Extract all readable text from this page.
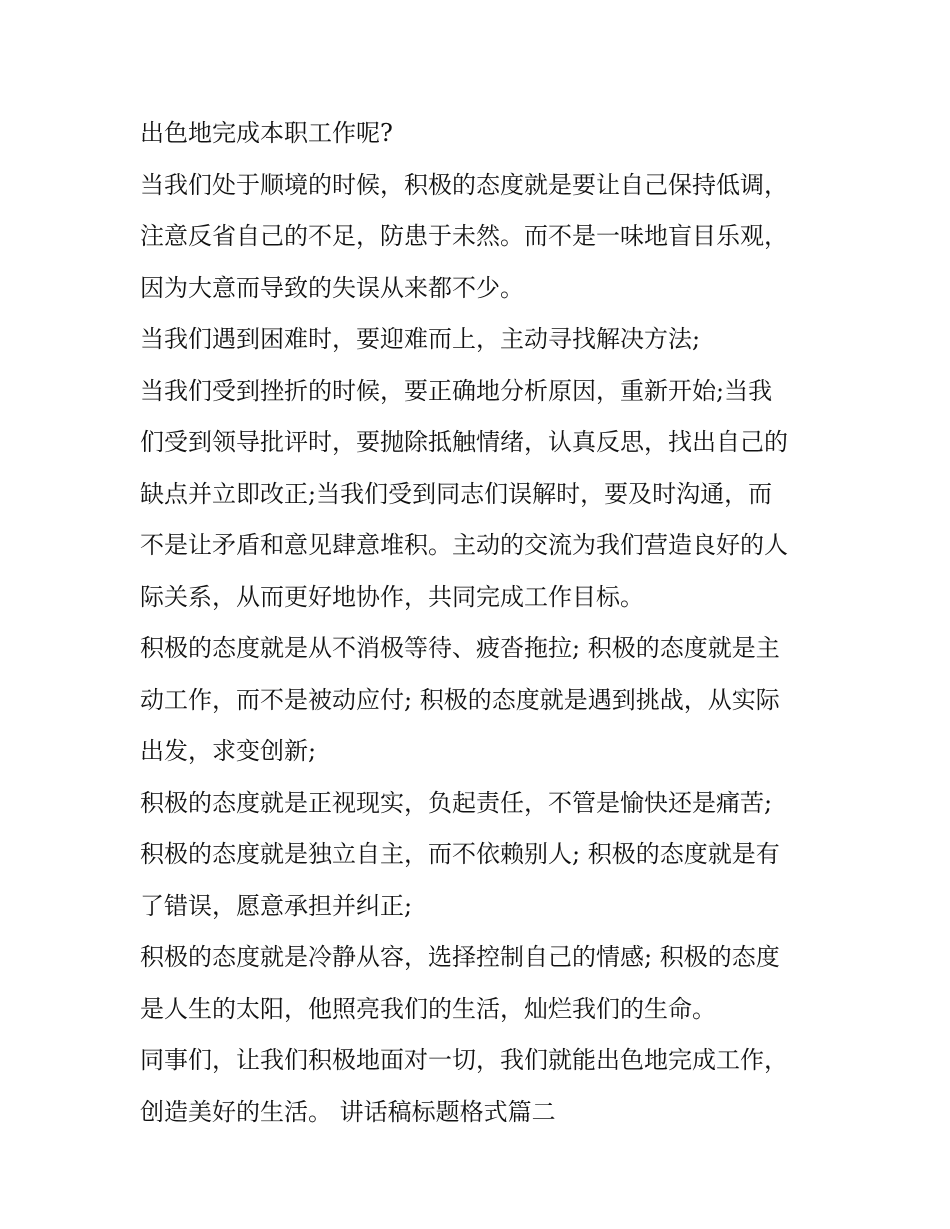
出色地完成本职工作呢?
当我们处于顺境的时候，积极的态度就是要让自己保持低调，
注意反省自己的不足，防患于未然。而不是一味地盲目乐观，
因为大意而导致的失误从来都不少。
当我们遇到困难时，要迎难而上，主动寻找解决方法;
当我们受到挫折的时候，要正确地分析原因，重新开始;当我
们受到领导批评时，要抛除抵触情绪，认真反思，找出自己的
缺点并立即改正;当我们受到同志们误解时，要及时沟通，而
不是让矛盾和意见肆意堆积。主动的交流为我们营造良好的人
际关系，从而更好地协作，共同完成工作目标。
积极的态度就是从不消极等待、疲沓拖拉; 积极的态度就是主
动工作，而不是被动应付; 积极的态度就是遇到挑战，从实际
出发，求变创新;
积极的态度就是正视现实，负起责任，不管是愉快还是痛苦;
积极的态度就是独立自主，而不依赖别人; 积极的态度就是有
了错误，愿意承担并纠正;
积极的态度就是冷静从容，选择控制自己的情感; 积极的态度
是人生的太阳，他照亮我们的生活，灿烂我们的生命。
同事们，让我们积极地面对一切，我们就能出色地完成工作，
创造美好的生活。 讲话稿标题格式篇二
